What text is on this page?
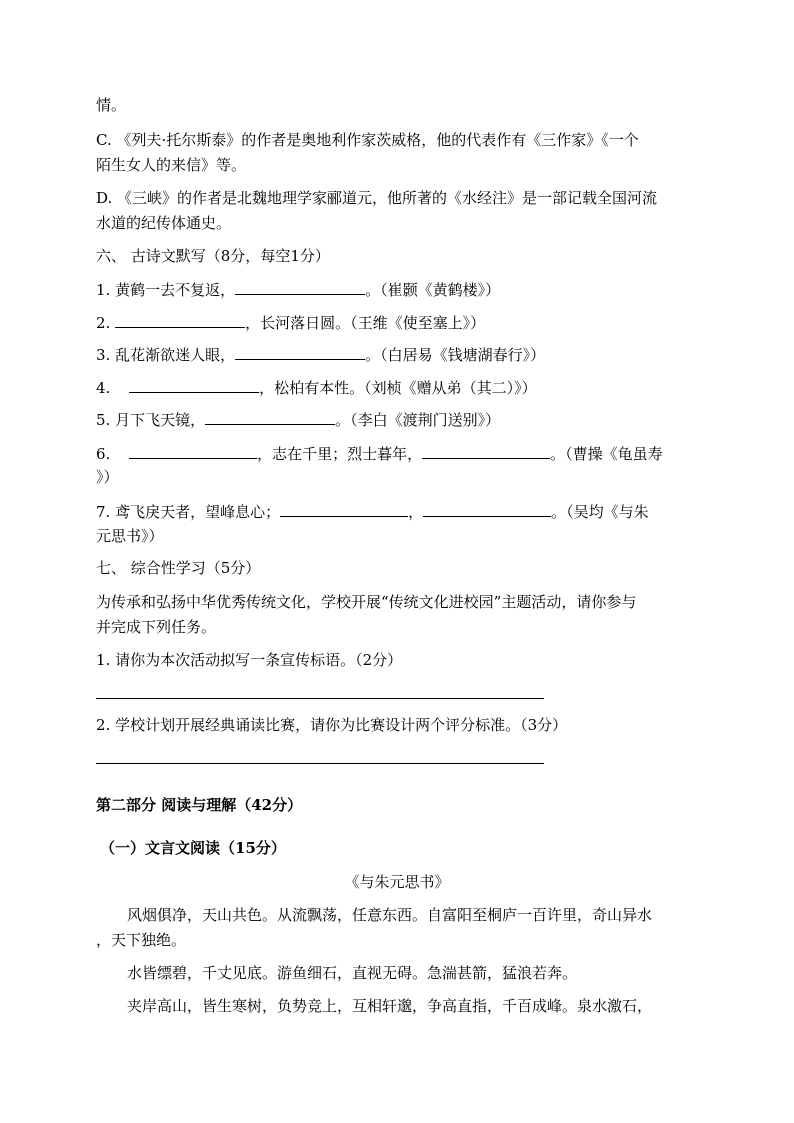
情。
C. 《列夫·托尔斯泰》的作者是奥地利作家茨威格，他的代表作有《三作家》《一个
陌生女人的来信》等。
D. 《三峡》的作者是北魏地理学家郦道元，他所著的《水经注》是一部记载全国河流
水道的纪传体通史。
六、 古诗文默写（8分，每空1分）
1. 黄鹤一去不复返，	。（崔颢《黄鹤楼》）
2.	，长河落日圆。（王维《使至塞上》）
3. 乱花渐欲迷人眼，	。（白居易《钱塘湖春行》）
4.	，松柏有本性。（刘桢《赠从弟（其二）》）
5. 月下飞天镜，	。（李白《渡荆门送别》）
6.	，志在千里；烈士暮年，	。（曹操《龟虽寿
》）
7. 鸢飞戾天者，望峰息心；	，	。（吴均《与朱
元思书》）
七、 综合性学习（5分）
为传承和弘扬中华优秀传统文化，学校开展“传统文化进校园”主题活动，请你参与
并完成下列任务。
1. 请你为本次活动拟写一条宣传标语。（2分）
2. 学校计划开展经典诵读比赛，请你为比赛设计两个评分标准。（3分）
第二部分 阅读与理解（42分）
（一）文言文阅读（15分）
《与朱元思书》
风烟俱净，天山共色。从流飘荡，任意东西。自富阳至桐庐一百许里，奇山异水
，天下独绝。
水皆缥碧，千丈见底。游鱼细石，直视无碍。急湍甚箭，猛浪若奔。
夹岸高山，皆生寒树，负势竞上，互相轩邈，争高直指，千百成峰。泉水激石，
